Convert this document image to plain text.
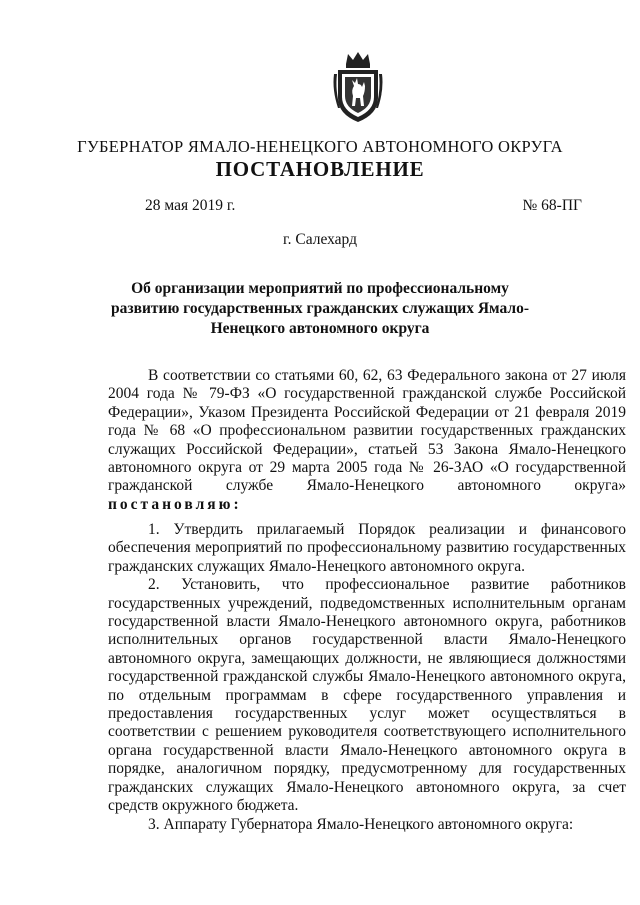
ГУБЕРНАТОР ЯМАЛО-НЕНЕЦКОГО АВТОНОМНОГО ОКРУГА
ПОСТАНОВЛЕНИЕ
28 мая 2019 г.	№ 68-ПГ
г. Салехард
Об организации мероприятий по профессиональному развитию государственных гражданских служащих Ямало-Ненецкого автономного округа

В соответствии со статьями 60, 62, 63 Федерального закона от 27 июля 2004 года № 79-ФЗ «О государственной гражданской службе Российской Федерации», Указом Президента Российской Федерации от 21 февраля 2019 года № 68 «О профессиональном развитии государственных гражданских служащих Российской Федерации», статьей 53 Закона Ямало-Ненецкого автономного округа от 29 марта 2005 года № 26-ЗАО «О государственной гражданской службе Ямало-Ненецкого автономного округа» постановляю:

1. Утвердить прилагаемый Порядок реализации и финансового обеспечения мероприятий по профессиональному развитию государственных гражданских служащих Ямало-Ненецкого автономного округа.

2. Установить, что профессиональное развитие работников государственных учреждений, подведомственных исполнительным органам государственной власти Ямало-Ненецкого автономного округа, работников исполнительных органов государственной власти Ямало-Ненецкого автономного округа, замещающих должности, не являющиеся должностями государственной гражданской службы Ямало-Ненецкого автономного округа, по отдельным программам в сфере государственного управления и предоставления государственных услуг может осуществляться в соответствии с решением руководителя соответствующего исполнительного органа государственной власти Ямало-Ненецкого автономного округа в порядке, аналогичном порядку, предусмотренному для государственных гражданских служащих Ямало-Ненецкого автономного округа, за счет средств окружного бюджета.

3. Аппарату Губернатора Ямало-Ненецкого автономного округа:
